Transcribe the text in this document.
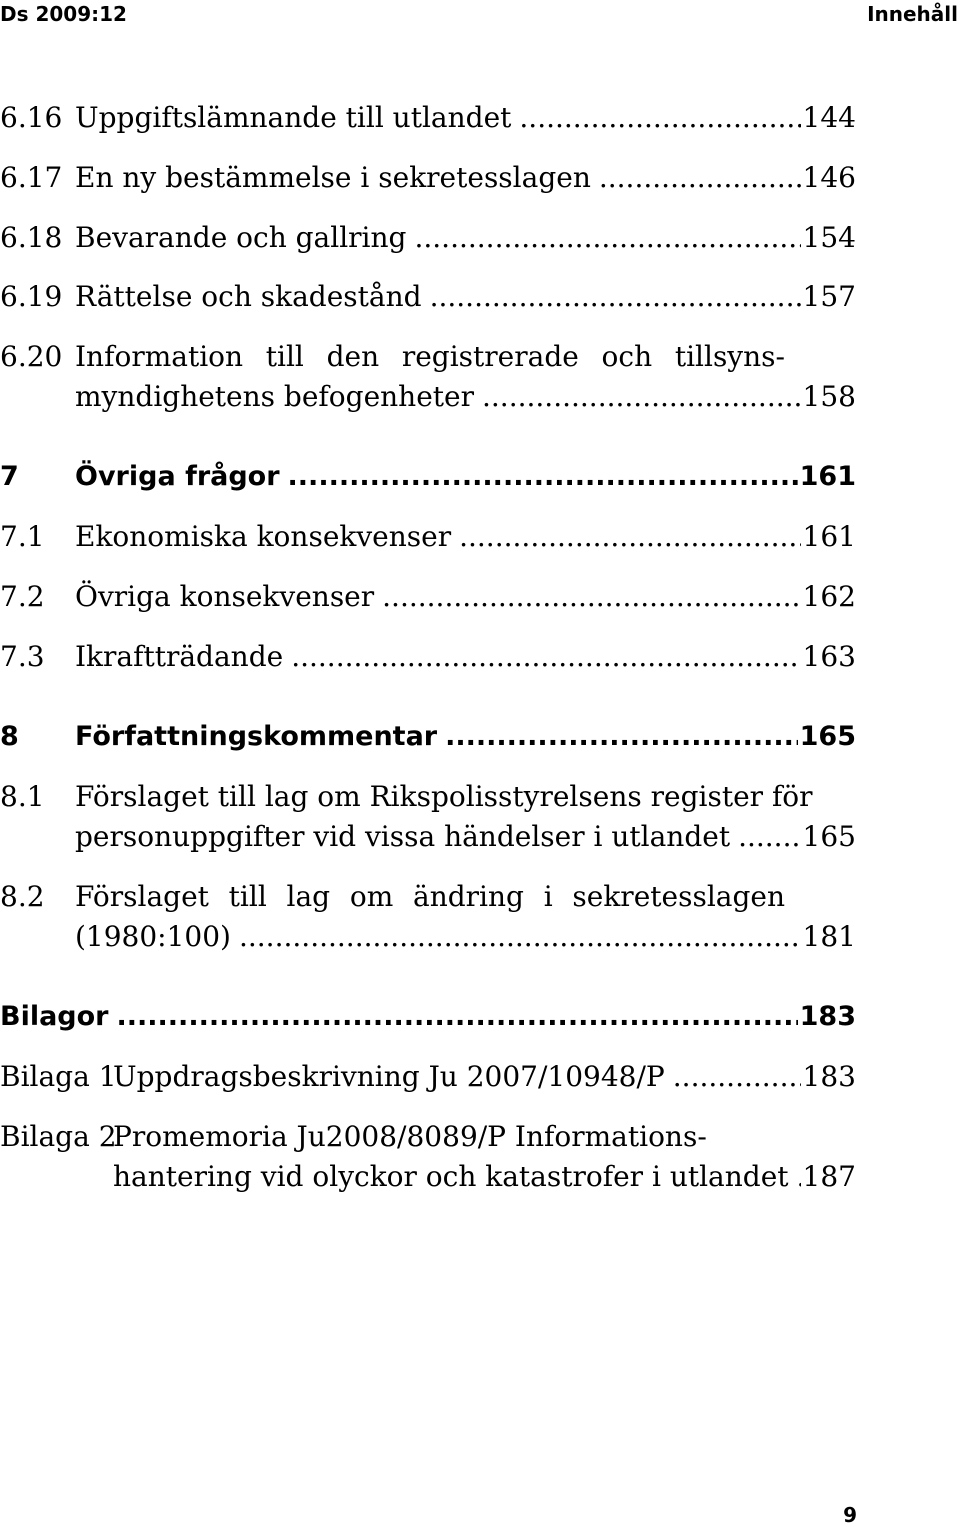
Ds 2009:12	Innehåll
6.16 Uppgiftslämnande till utlandet .....	144
6.17 En ny bestämmelse i sekretesslagen .....	146
6.18 Bevarande och gallring .....	154
6.19 Rättelse och skadestånd .....	157
6.20 Information till den registrerade och tillsyns-
myndighetens befogenheter .....	158
7	Övriga frågor .....	161
7.1	Ekonomiska konsekvenser .....	161
7.2	Övriga konsekvenser .....	162
7.3	Ikraftträdande .....	163
8	Författningskommentar .....	165
8.1	Förslaget till lag om Rikspolisstyrelsens register för
personuppgifter vid vissa händelser i utlandet .....	165
8.2	Förslaget till lag om ändring i sekretesslagen
(1980:100) .....	181
Bilagor .....	183
Bilaga 1
Uppdragsbeskrivning Ju 2007/10948/P .....	183
Bilaga 2
Promemoria Ju2008/8089/P Informations-
hantering vid olyckor och katastrofer i utlandet ..... 187
9
